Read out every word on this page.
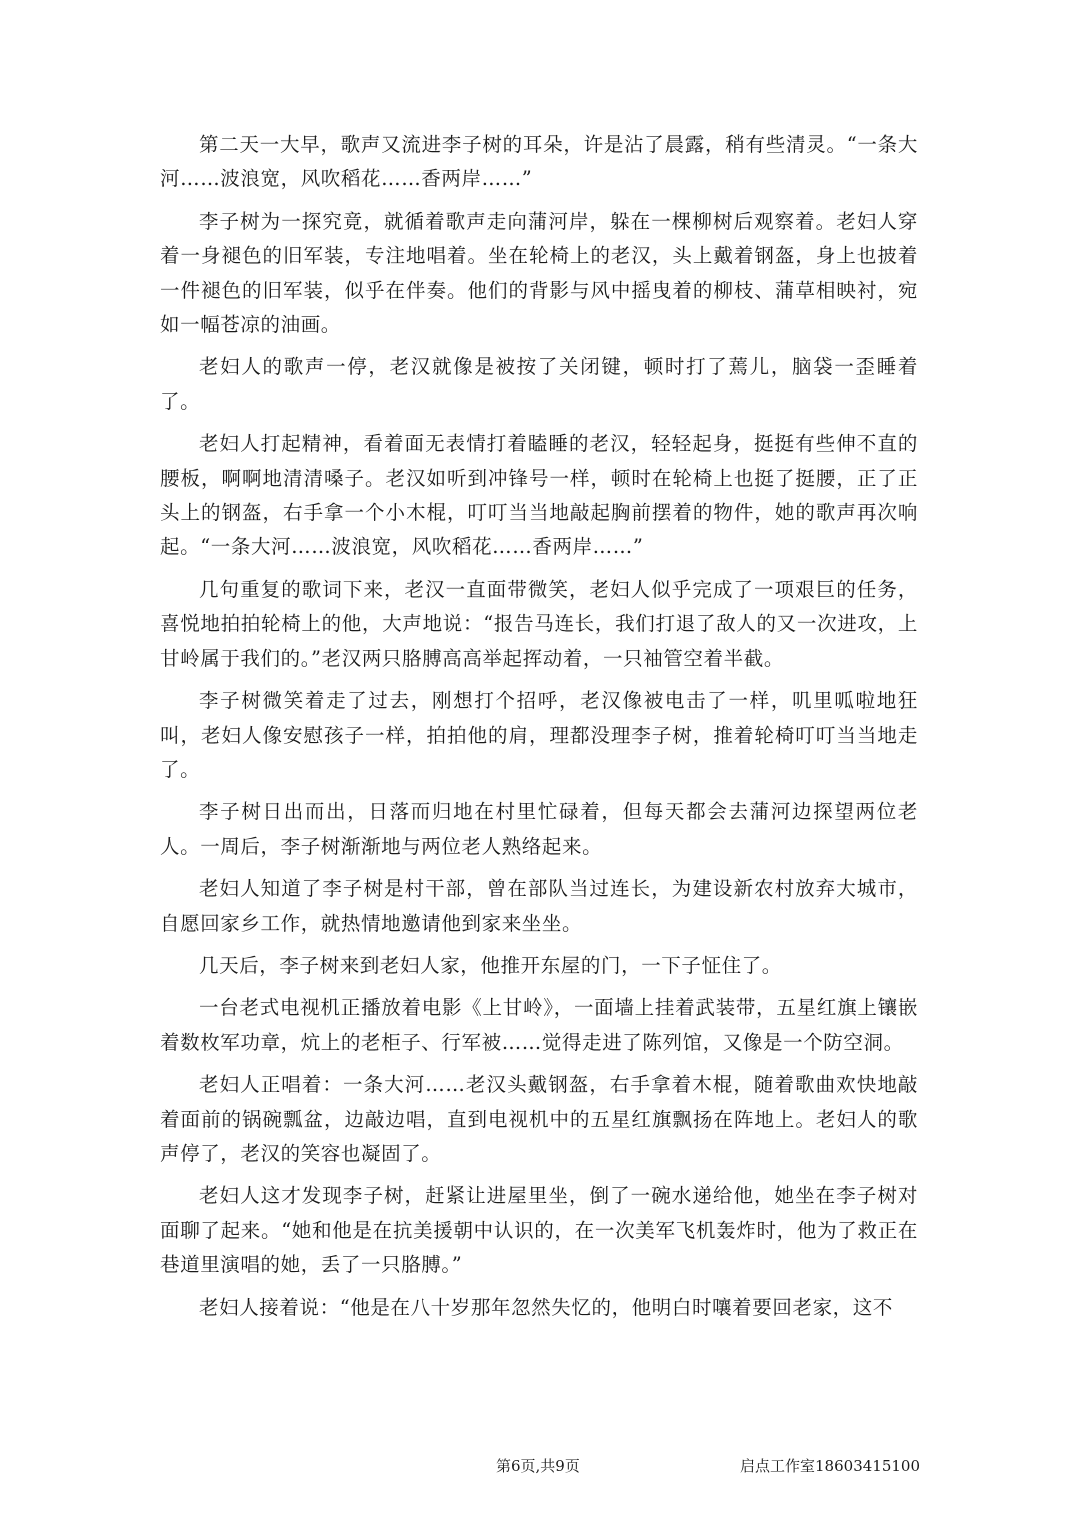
第二天一大早，歌声又流进李子树的耳朵，许是沾了晨露，稍有些清灵。“一条大河……波浪宽，风吹稻花……香两岸……”

李子树为一探究竟，就循着歌声走向蒲河岸，躲在一棵柳树后观察着。老妇人穿着一身褪色的旧军装，专注地唱着。坐在轮椅上的老汉，头上戴着钢盔，身上也披着一件褪色的旧军装，似乎在伴奏。他们的背影与风中摇曳着的柳枝、蒲草相映衬，宛如一幅苍凉的油画。

老妇人的歌声一停，老汉就像是被按了关闭键，顿时打了蔫儿，脑袋一歪睡着了。

老妇人打起精神，看着面无表情打着瞌睡的老汉，轻轻起身，挺挺有些伸不直的腰板，啊啊地清清嗓子。老汉如听到冲锋号一样，顿时在轮椅上也挺了挺腰，正了正头上的钢盔，右手拿一个小木棍，叮叮当当地敲起胸前摆着的物件，她的歌声再次响起。“一条大河……波浪宽，风吹稻花……香两岸……”

几句重复的歌词下来，老汉一直面带微笑，老妇人似乎完成了一项艰巨的任务，喜悦地拍拍轮椅上的他，大声地说：“报告马连长，我们打退了敌人的又一次进攻，上甘岭属于我们的。”老汉两只胳膊高高举起挥动着，一只袖管空着半截。

李子树微笑着走了过去，刚想打个招呼，老汉像被电击了一样，叽里呱啦地狂叫，老妇人像安慰孩子一样，拍拍他的肩，理都没理李子树，推着轮椅叮叮当当地走了。

李子树日出而出，日落而归地在村里忙碌着，但每天都会去蒲河边探望两位老人。一周后，李子树渐渐地与两位老人熟络起来。

老妇人知道了李子树是村干部，曾在部队当过连长，为建设新农村放弃大城市，自愿回家乡工作，就热情地邀请他到家来坐坐。

几天后，李子树来到老妇人家，他推开东屋的门，一下子怔住了。

一台老式电视机正播放着电影《上甘岭》，一面墙上挂着武装带，五星红旗上镶嵌着数枚军功章，炕上的老柜子、行军被……觉得走进了陈列馆，又像是一个防空洞。

老妇人正唱着：一条大河……老汉头戴钢盔，右手拿着木棍，随着歌曲欢快地敲着面前的锅碗瓢盆，边敲边唱，直到电视机中的五星红旗飘扬在阵地上。老妇人的歌声停了，老汉的笑容也凝固了。

老妇人这才发现李子树，赶紧让进屋里坐，倒了一碗水递给他，她坐在李子树对面聊了起来。“她和他是在抗美援朝中认识的，在一次美军飞机轰炸时，他为了救正在巷道里演唱的她，丢了一只胳膊。”

老妇人接着说：“他是在八十岁那年忽然失忆的，他明白时嚷着要回老家，这不

第6页,共9页	启点工作室18603415100
